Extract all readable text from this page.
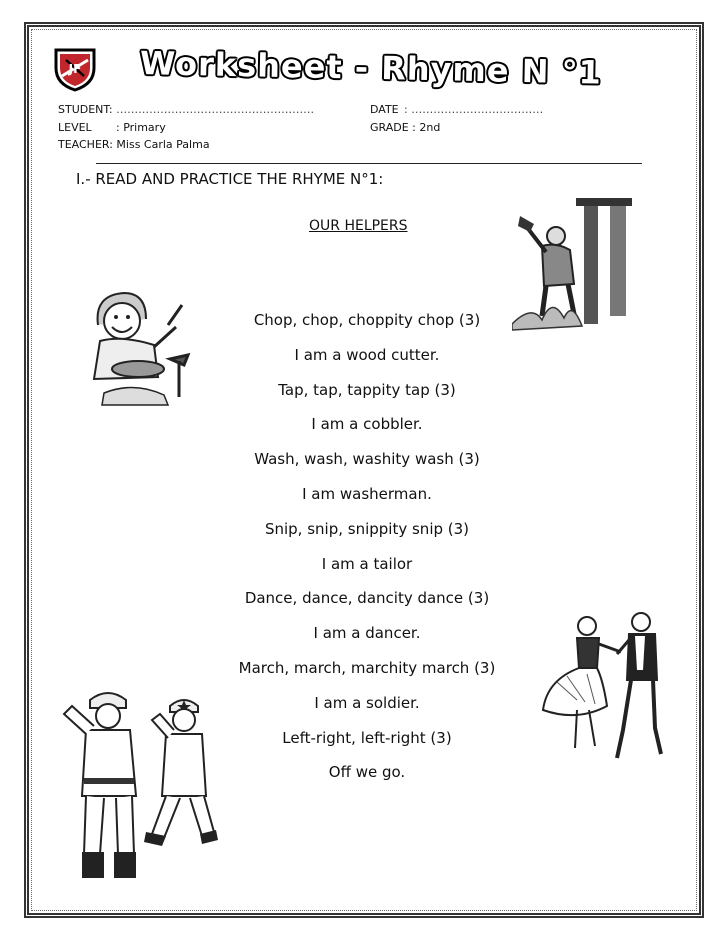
JF Worksheet - Rhyme N °1
STUDENT: ………………………………………………
LEVEL : Primary
TEACHER: Miss Carla Palma
DATE : ………………………………
GRADE : 2nd
I.- READ AND PRACTICE THE RHYME N°1:
OUR HELPERS
Chop, chop, choppity chop (3)
I am a wood cutter.
Tap, tap, tappity tap (3)
I am a cobbler.
Wash, wash, washity wash (3)
I am washerman.
Snip, snip, snippity snip (3)
I am a tailor
Dance, dance, dancity dance (3)
I am a dancer.
March, march, marchity march (3)
I am a soldier.
Left-right, left-right (3)
Off we go.
